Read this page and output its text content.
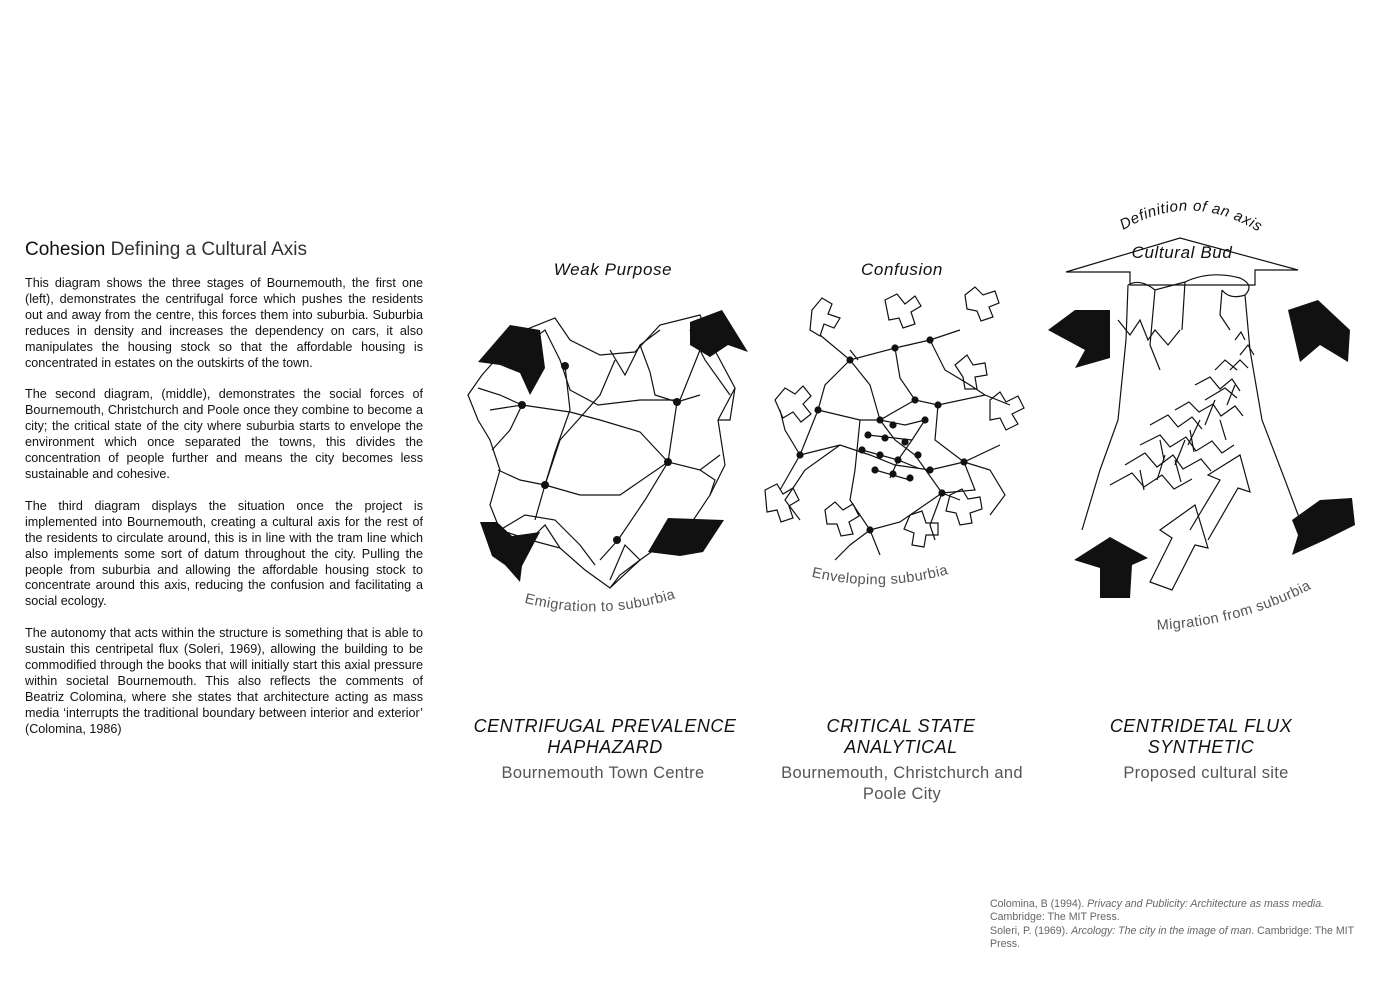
Cohesion Defining a Cultural Axis

This diagram shows the three stages of Bournemouth, the first one (left), demonstrates the centrifugal force which pushes the residents out and away from the centre, this forces them into suburbia. Suburbia reduces in density and increases the dependency on cars, it also manipulates the housing stock so that the affordable housing is concentrated in estates on the outskirts of the town.

The second diagram, (middle), demonstrates the social forces of Bournemouth, Christchurch and Poole once they combine to become a city; the critical state of the city where suburbia starts to envelope the environment which once separated the towns, this divides the concentration of people further and means the city becomes less sustainable and cohesive.

The third diagram displays the situation once the project is implemented into Bournemouth, creating a cultural axis for the rest of the residents to circulate around, this is in line with the tram line which also implements some sort of datum throughout the city. Pulling the people from suburbia and allowing the affordable housing stock to concentrate around this axis, reducing the confusion and facilitating a social ecology.

The autonomy that acts within the structure is something that is able to sustain this centripetal flux (Soleri, 1969), allowing the building to be commodified through the books that will initially start this axial pressure within societal Bournemouth. This also reflects the comments of Beatriz Colomina, where she states that architecture acting as mass media ‘interrupts the traditional boundary between interior and exterior’ (Colomina, 1986)

Weak Purpose
Emigration to suburbia
Confusion
Enveloping suburbia
Definition of an axis
Cultural Bud
Migration from suburbia
CENTRIFUGAL PREVALENCE
HAPHAZARD
Bournemouth Town Centre
CRITICAL STATE
ANALYTICAL
Bournemouth, Christchurch and Poole City
CENTRIDETAL FLUX
SYNTHETIC
Proposed cultural site

Colomina, B (1994). Privacy and Publicity: Architecture as mass media. Cambridge: The MIT Press.

Soleri, P. (1969). Arcology: The city in the image of man. Cambridge: The MIT Press.
